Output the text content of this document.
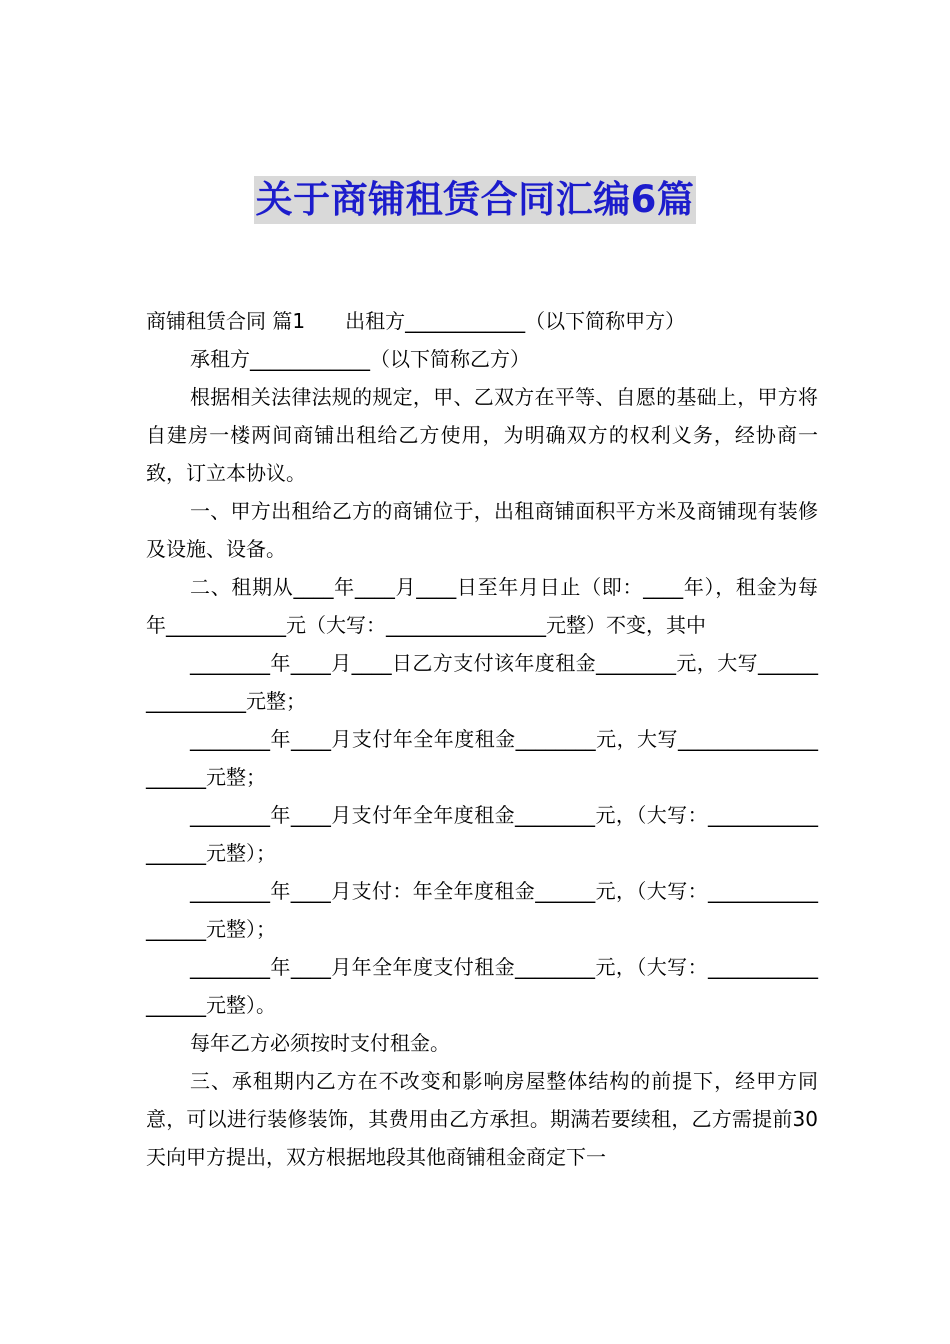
关于商铺租赁合同汇编6篇

商铺租赁合同 篇1　　出租方____________（以下简称甲方）

承租方____________（以下简称乙方）

根据相关法律法规的规定，甲、乙双方在平等、自愿的基础上，甲方将自建房一楼两间商铺出租给乙方使用，为明确双方的权利义务，经协商一致，订立本协议。

一、甲方出租给乙方的商铺位于，出租商铺面积平方米及商铺现有装修及设施、设备。

二、租期从____年____月____日至年月日止（即：____年），租金为每年____________元（大写：________________元整）不变，其中

________年____月____日乙方支付该年度租金________元，大写________________元整；

________年____月支付年全年度租金________元，大写____________________元整；

________年____月支付年全年度租金________元，（大写：_________________元整）；

________年____月支付：年全年度租金______元，（大写：_________________元整）；

________年____月年全年度支付租金________元，（大写：_________________元整）。

每年乙方必须按时支付租金。

三、承租期内乙方在不改变和影响房屋整体结构的前提下，经甲方同意，可以进行装修装饰，其费用由乙方承担。期满若要续租，乙方需提前30天向甲方提出，双方根据地段其他商铺租金商定下一
